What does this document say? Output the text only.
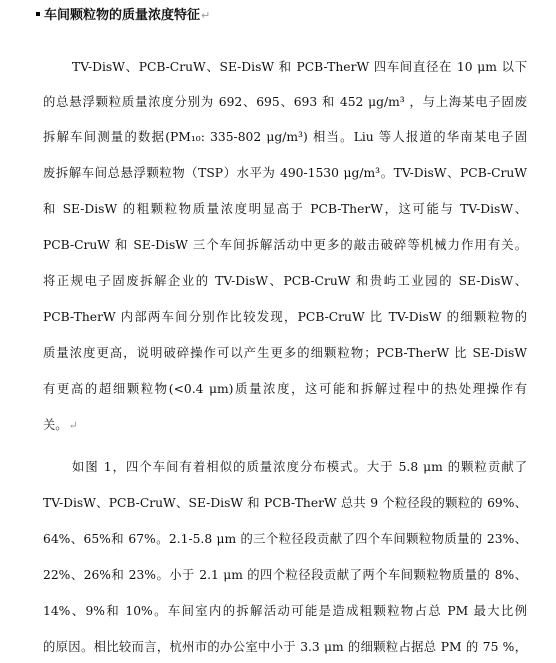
车间颗粒物的质量浓度特征↵
TV-DisW、PCB-CruW、SE-DisW 和 PCB-TherW 四车间直径在 10 μm 以下
的总悬浮颗粒质量浓度分别为 692、695、693 和 452 μg/m³ ，与上海某电子固废
拆解车间测量的数据(PM₁₀: 335-802 μg/m³) 相当。Liu 等人报道的华南某电子固
废拆解车间总悬浮颗粒物（TSP）水平为 490-1530 μg/m³。TV-DisW、PCB-CruW
和 SE-DisW 的粗颗粒物质量浓度明显高于 PCB-TherW，这可能与 TV-DisW、
PCB-CruW 和 SE-DisW 三个车间拆解活动中更多的敲击破碎等机械力作用有关。
将正规电子固废拆解企业的 TV-DisW、PCB-CruW 和贵屿工业园的 SE-DisW、
PCB-TherW 内部两车间分别作比较发现，PCB-CruW 比 TV-DisW 的细颗粒物的
质量浓度更高，说明破碎操作可以产生更多的细颗粒物；PCB-TherW 比 SE-DisW
有更高的超细颗粒物(<0.4 μm)质量浓度，这可能和拆解过程中的热处理操作有
关。↵
如图 1，四个车间有着相似的质量浓度分布模式。大于 5.8 μm 的颗粒贡献了
TV-DisW、PCB-CruW、SE-DisW 和 PCB-TherW 总共 9 个粒径段的颗粒的 69%、
64%、65%和 67%。2.1-5.8 μm 的三个粒径段贡献了四个车间颗粒物质量的 23%、
22%、26%和 23%。小于 2.1 μm 的四个粒径段贡献了两个车间颗粒物质量的 8%、
14%、9%和 10%。车间室内的拆解活动可能是造成粗颗粒物占总 PM 最大比例
的原因。相比较而言，杭州市的办公室中小于 3.3 μm 的细颗粒占据总 PM 的 75 %，
